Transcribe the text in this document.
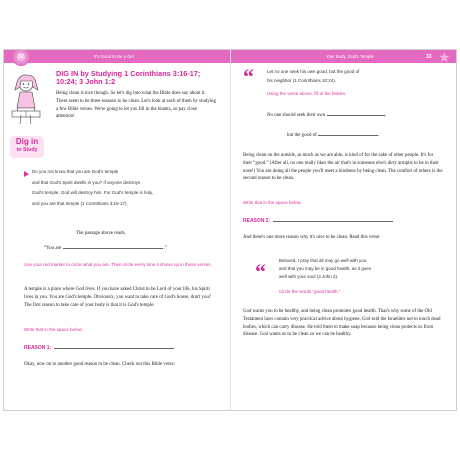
32	It's Good to Be a Girl
Dig in
to Study
DIG IN by Studying 1 Corinthians 3:16-17; 10:24; 3 John 1:2
Being clean is nice though. So let's dig into what the Bible does say about it. There seem to be three reasons to be clean. Let's look at each of them by studying a few Bible verses. We're going to let you fill in the blanks, so pay close attention!
Do you not know that you are God's temple
and that God's Spirit dwells in you? If anyone destroys
God's temple, God will destroy him. For God's temple is holy,
and you are that temple (1 Corinthians 3:16-17).
The passage above reads,
“You are	.”
Use your red marker to circle what you are. Then circle every time it shows up in those verses.
A temple is a place where God lives. If you have asked Christ to be Lord of your life, his Spirit lives in you. You are God's temple. Obviously, you want to take care of God's house, don't you? The first reason to take care of your body is that it is God's temple.
Write that in the space below.
REASON 1:
Okay, now on to another good reason to be clean. Check out this Bible verse:
Your Body, God's Temple	33 ★
“	Let no one seek his own good, but the good of
his neighbor (1 Corinthians 10:24).
Using the verse above, fill in the blanks.
No one should seek their own	,
but the good of	.
Being clean on the outside, as much as we are able, is kind of for the sake of other people. It's for their “good.” (After all, no one really likes the air that's in someone else's dirty armpits to be in their nose!) You are doing all the people you'll meet a kindness by being clean. The comfort of others is the second reason to be clean.
Write that in the space below.
REASON 2:
And there's one more reason why it's nice to be clean. Read this verse:
“	Beloved, I pray that all may go well with you
and that you may be in good health, as it goes
well with your soul (3 John 2).
Circle the words “good health.”
God wants you to be healthy, and being clean promotes good health. That's why some of the Old Testament laws contain very practical advice about hygiene. God told the Israelites not to touch dead bodies, which can carry disease. He told them to make soap because being clean protects us from disease. God wants us to be clean so we can be healthy.
